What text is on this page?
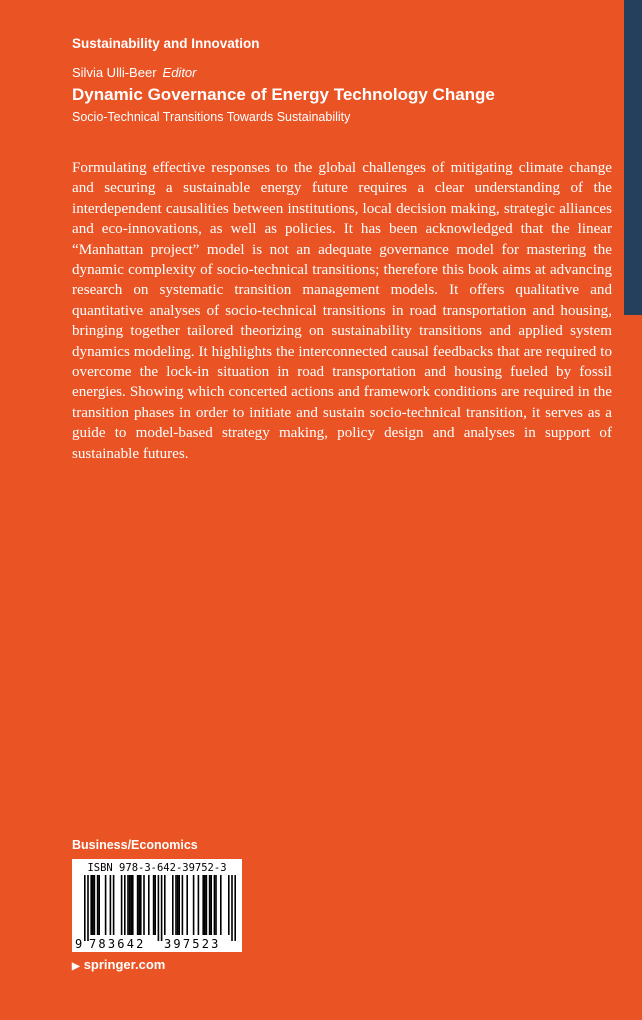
Sustainability and Innovation
Silvia Ulli-Beer Editor
Dynamic Governance of Energy Technology Change
Socio-Technical Transitions Towards Sustainability

Formulating effective responses to the global challenges of mitigating climate change and securing a sustainable energy future requires a clear understanding of the interdependent causalities between institutions, local decision making, strategic alliances and eco-innovations, as well as policies. It has been acknowledged that the linear “Manhattan project” model is not an adequate governance model for mastering the dynamic complexity of socio-technical transitions; therefore this book aims at advancing research on systematic transition management models. It offers qualitative and quantitative analyses of socio-technical transitions in road transportation and housing, bringing together tailored theorizing on sustainability transitions and applied system dynamics modeling. It highlights the interconnected causal feedbacks that are required to overcome the lock-in situation in road transportation and housing fueled by fossil energies. Showing which concerted actions and framework conditions are required in the transition phases in order to initiate and sustain socio-technical transition, it serves as a guide to model-based strategy making, policy design and analyses in support of sustainable futures.

Business/Economics
ISBN 978-3-642-39752-3
9 783642 397523
▶ springer.com
